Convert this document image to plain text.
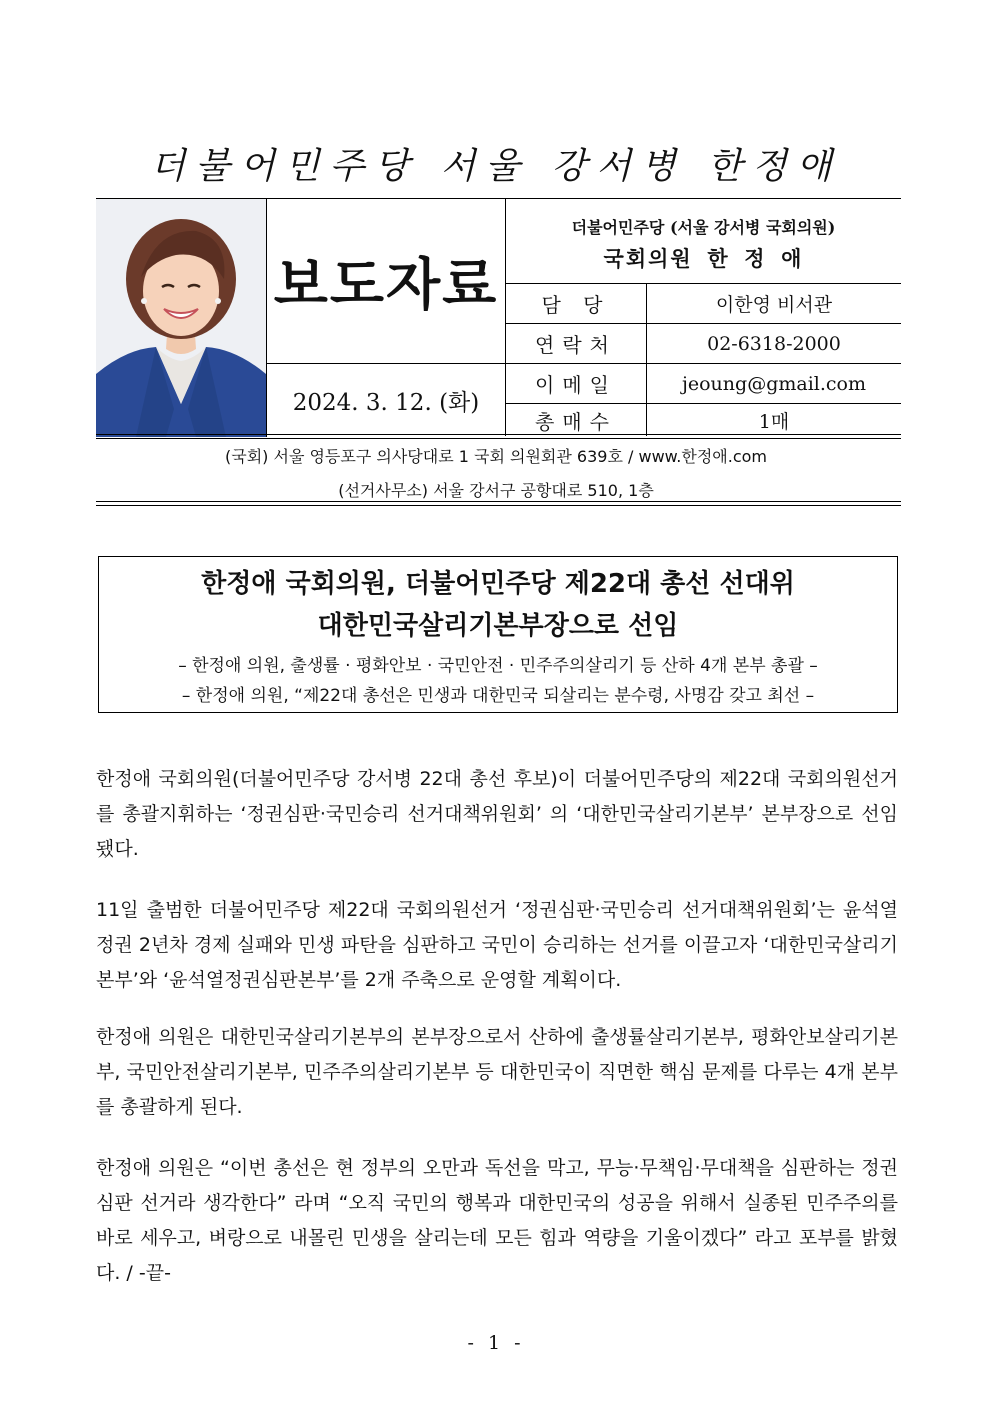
더불어민주당 서울 강서병 한정애
보도자료
2024. 3. 12. (화)
더불어민주당 (서울 강서병 국회의원)
국회의원 한 정 애
담 당	이한영 비서관
연락처	02-6318-2000
이메일	jeoung@gmail.com
총매수	1매
(국회) 서울 영등포구 의사당대로 1 국회 의원회관 639호 / www.한정애.com
(선거사무소) 서울 강서구 공항대로 510, 1층
한정애 국회의원, 더불어민주당 제22대 총선 선대위
대한민국살리기본부장으로 선임
– 한정애 의원, 출생률 · 평화안보 · 국민안전 · 민주주의살리기 등 산하 4개 본부 총괄 –
– 한정애 의원, “제22대 총선은 민생과 대한민국 되살리는 분수령, 사명감 갖고 최선 –
한정애 국회의원(더불어민주당 강서병 22대 총선 후보)이 더불어민주당의 제22대 국회의원선거를 총괄지휘하는 ‘정권심판·국민승리 선거대책위원회’ 의 ‘대한민국살리기본부’ 본부장으로 선임됐다.
11일 출범한 더불어민주당 제22대 국회의원선거 ‘정권심판·국민승리 선거대책위원회’는 윤석열 정권 2년차 경제 실패와 민생 파탄을 심판하고 국민이 승리하는 선거를 이끌고자 ‘대한민국살리기본부’와 ‘윤석열정권심판본부’를 2개 주축으로 운영할 계획이다.
한정애 의원은 대한민국살리기본부의 본부장으로서 산하에 출생률살리기본부, 평화안보살리기본부, 국민안전살리기본부, 민주주의살리기본부 등 대한민국이 직면한 핵심 문제를 다루는 4개 본부를 총괄하게 된다.
한정애 의원은 “이번 총선은 현 정부의 오만과 독선을 막고, 무능·무책임·무대책을 심판하는 정권심판 선거라 생각한다” 라며 “오직 국민의 행복과 대한민국의 성공을 위해서 실종된 민주주의를 바로 세우고, 벼랑으로 내몰린 민생을 살리는데 모든 힘과 역량을 기울이겠다” 라고 포부를 밝혔다. / -끝-
- 1 -
